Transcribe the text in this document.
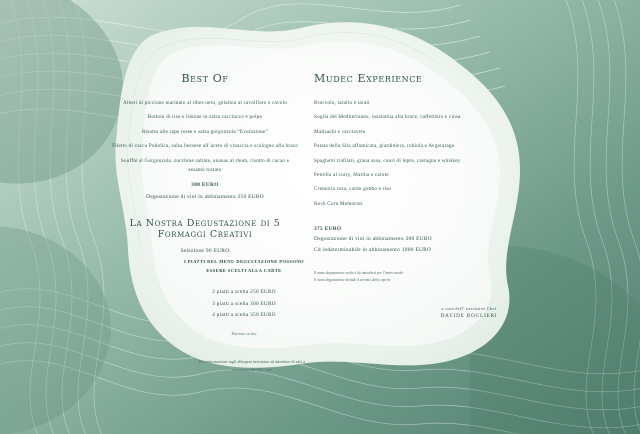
Best Of
Alberi di piccione marinato al ribes nero, gelatina al cavolfiore e cavolo
Bottoni di riso e limone in salsa cacciucco e polpo
Risotto alle rape rosse e salsa gorgonzola “Evoluzione”
Filetto di vacca Podolica, salsa bernese all’aceto di vinaccia e scalogno alla brace
Soufflé al Gorgonzola, zucchine saltate, ananas al rhum, risotto di cacao e sesamo tostato
300 EURO
Degustazione di vini in abbinamento 250 EURO
La Nostra Degustazione di 5 Formaggi Creativi
Selezione 90 EURO
Mudec Experience
Broccolo, tarallo e tarali
Soglia del Mediterraneo, insalatina alla brace, caffettiera e vinsa
Malisachi e cacciavela
Patata della Sila affumicata, giardiniera, robiola e Avgotaraga
Spaghetti trafilati, grana assa, cuori di lepre, castagna e whiskey
Petrella al curry, Martha e carote
Cremoria rosa, cardo gobbo e riso
Rock Corn Memories
375 EURO
Degustazione di vini in abbinamento 300 EURO
Cd indeterminabile in abbinamento 1000 EURO
Il menu degustazione scelto è da intendersi per l’intero tavolo
Il menu degustazione include il servizio della coperte
I PIATTI DEL MENU DEGUSTAZIONE POSSONO ESSERE SCELTI ALLA CARTE
2 piatti a scelta 250 EURO
3 piatti a scelta 300 EURO
4 piatti a scelta 350 EURO
Riservato escluse
Per informazioni sugli allergeni invitiamo ad attendere di sala a consultare dal QR Code
a cura dell’ executive Chef
DAVIDE BOGLIERI
